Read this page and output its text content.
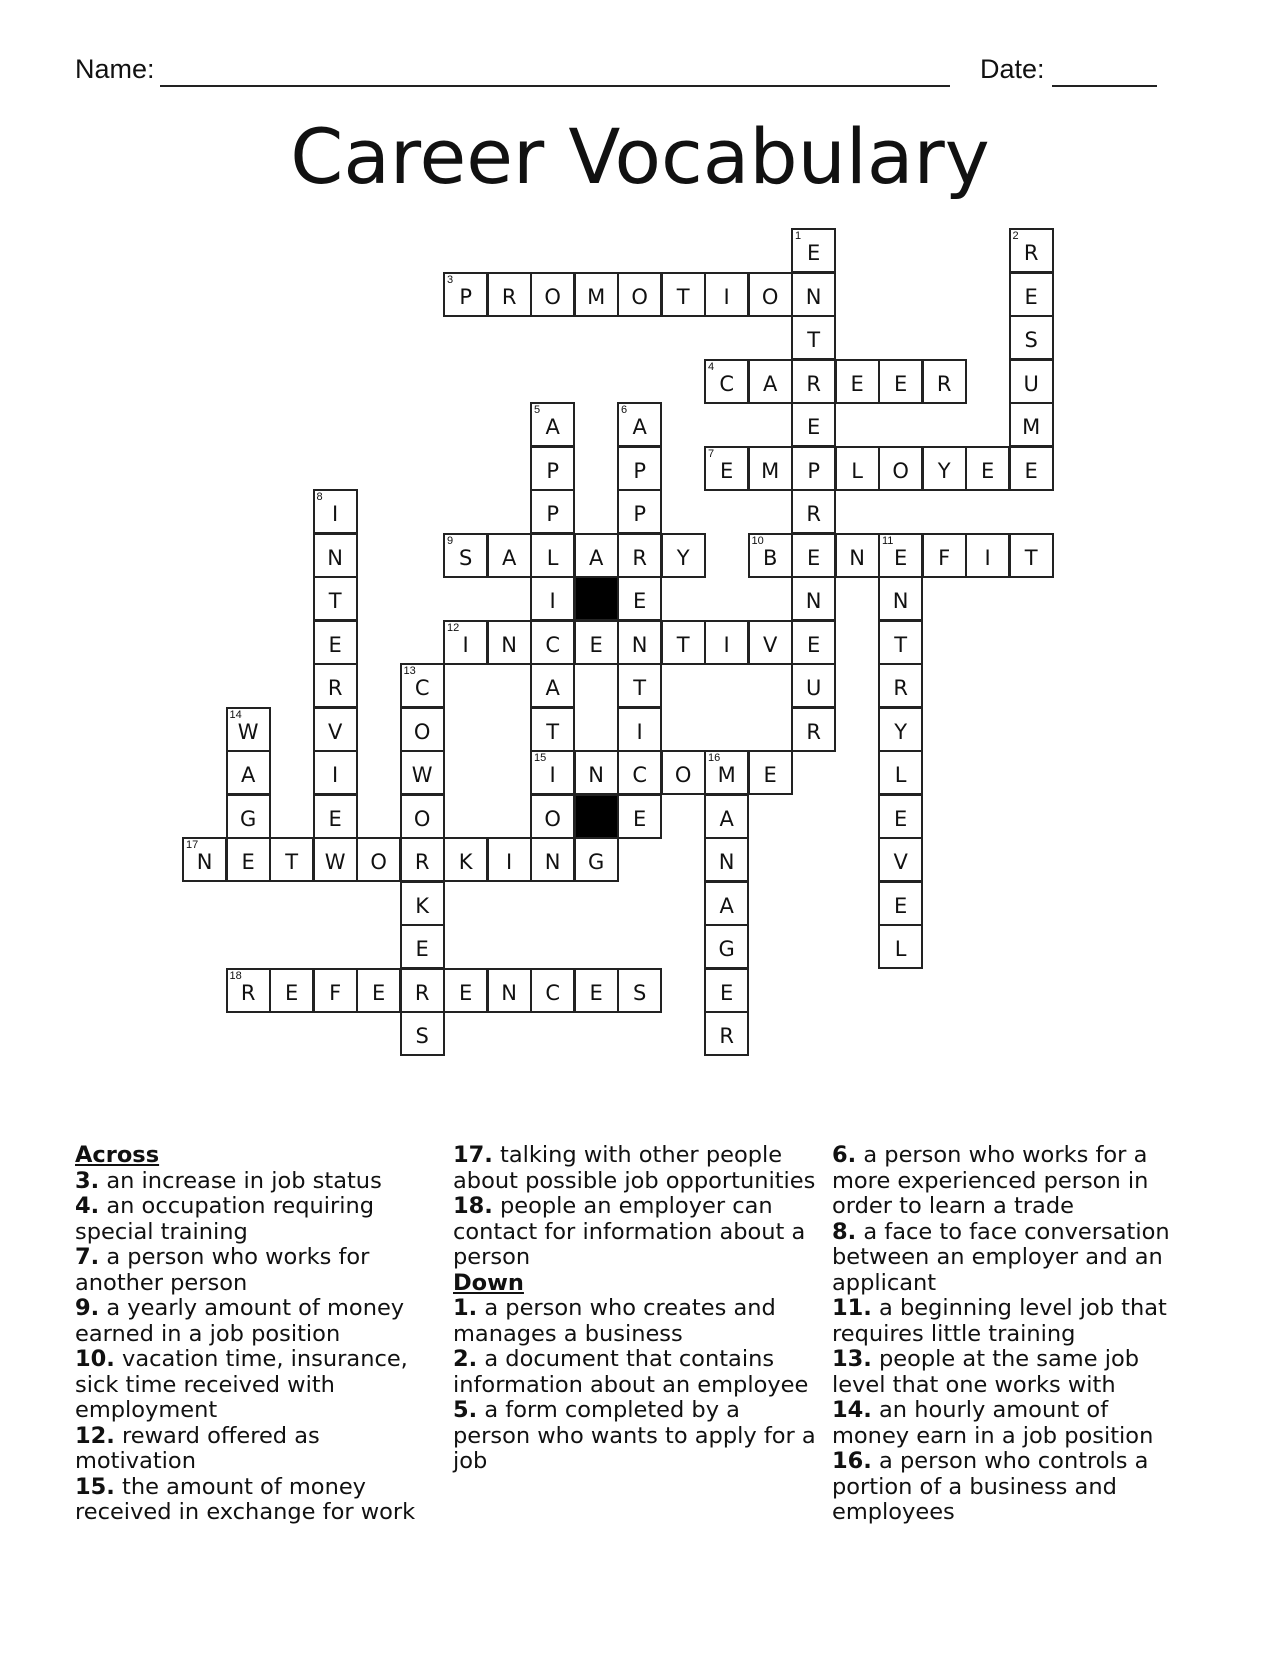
Name:	Date:
Career Vocabulary
1
E
N
T
R
E
P
R
E
N
E
U
R
2
R
E
S
U
M
E
3
P	R	O	M	O	T	I	O
4
C	A	E	E	R
5
A
P
P
L
I
C
A
T
15
I
O
N
6
A
P
P
R
E
N
T
I
C
E
7
E	M	L	O	Y	E
8
I
N
T
E
R
V
I
E
W
9
S	A	A	Y
10
B	N
11
E	F	I	T
N
T
R
Y
L
E
V
E
L
12
I	N	E	T	I	V
13
C
O
W
O
R
K
E
R
S
14
W
A
G
E
N	O
16
M	E
A
N
A
G
E
R
17
N	T	O	K	I	G
18
R	E	F	E	E	N	C	E	S
Across
3. an increase in job status
4. an occupation requiring special training
7. a person who works for another person
9. a yearly amount of money earned in a job position
10. vacation time, insurance, sick time received with employment
12. reward offered as motivation
15. the amount of money received in exchange for work
17. talking with other people about possible job opportunities
18. people an employer can contact for information about a person
Down
1. a person who creates and manages a business
2. a document that contains information about an employee
5. a form completed by a person who wants to apply for a job
6. a person who works for a more experienced person in order to learn a trade
8. a face to face conversation between an employer and an applicant
11. a beginning level job that requires little training
13. people at the same job level that one works with
14. an hourly amount of money earn in a job position
16. a person who controls a portion of a business and employees
